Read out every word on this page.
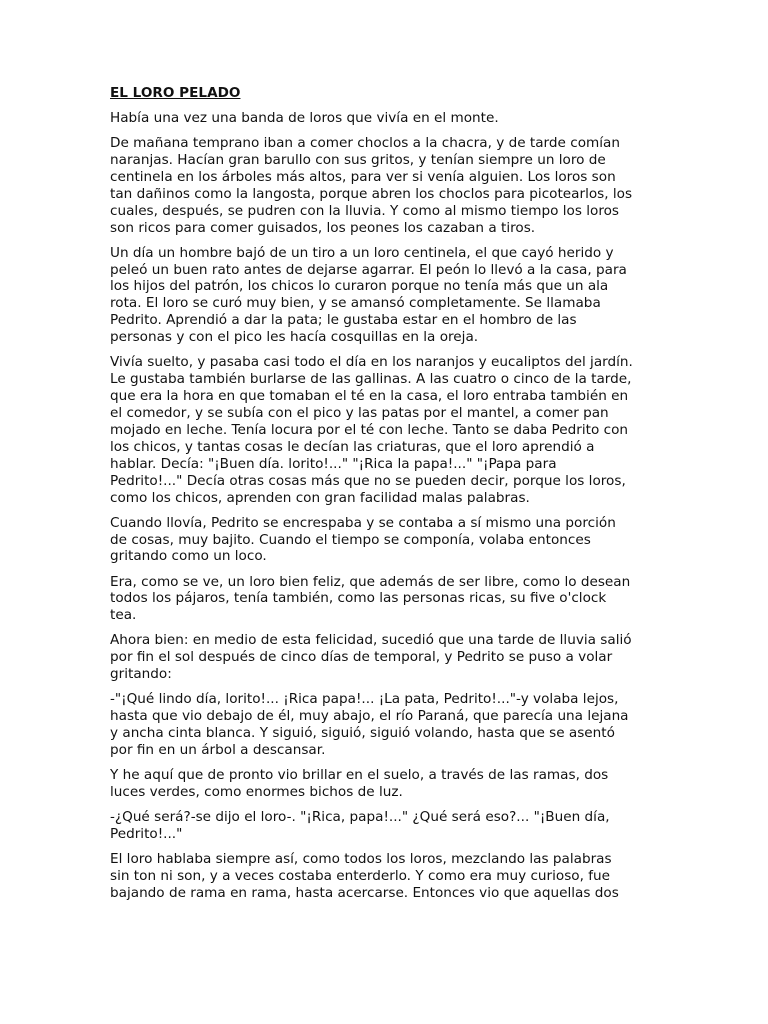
EL LORO PELADO

Había una vez una banda de loros que vivía en el monte.

De mañana temprano iban a comer choclos a la chacra, y de tarde comían
naranjas. Hacían gran barullo con sus gritos, y tenían siempre un loro de
centinela en los árboles más altos, para ver si venía alguien. Los loros son
tan dañinos como la langosta, porque abren los choclos para picotearlos, los
cuales, después, se pudren con la lluvia. Y como al mismo tiempo los loros
son ricos para comer guisados, los peones los cazaban a tiros.

Un día un hombre bajó de un tiro a un loro centinela, el que cayó herido y
peleó un buen rato antes de dejarse agarrar. El peón lo llevó a la casa, para
los hijos del patrón, los chicos lo curaron porque no tenía más que un ala
rota. El loro se curó muy bien, y se amansó completamente. Se llamaba
Pedrito. Aprendió a dar la pata; le gustaba estar en el hombro de las
personas y con el pico les hacía cosquillas en la oreja.

Vivía suelto, y pasaba casi todo el día en los naranjos y eucaliptos del jardín.
Le gustaba también burlarse de las gallinas. A las cuatro o cinco de la tarde,
que era la hora en que tomaban el té en la casa, el loro entraba también en
el comedor, y se subía con el pico y las patas por el mantel, a comer pan
mojado en leche. Tenía locura por el té con leche. Tanto se daba Pedrito con
los chicos, y tantas cosas le decían las criaturas, que el loro aprendió a
hablar. Decía: "¡Buen día. lorito!..." "¡Rica la papa!..." "¡Papa para
Pedrito!..." Decía otras cosas más que no se pueden decir, porque los loros,
como los chicos, aprenden con gran facilidad malas palabras.

Cuando llovía, Pedrito se encrespaba y se contaba a sí mismo una porción
de cosas, muy bajito. Cuando el tiempo se componía, volaba entonces
gritando como un loco.

Era, como se ve, un loro bien feliz, que además de ser libre, como lo desean
todos los pájaros, tenía también, como las personas ricas, su five o'clock
tea.

Ahora bien: en medio de esta felicidad, sucedió que una tarde de lluvia salió
por fin el sol después de cinco días de temporal, y Pedrito se puso a volar
gritando:

-"¡Qué lindo día, lorito!... ¡Rica papa!... ¡La pata, Pedrito!..."-y volaba lejos,
hasta que vio debajo de él, muy abajo, el río Paraná, que parecía una lejana
y ancha cinta blanca. Y siguió, siguió, siguió volando, hasta que se asentó
por fin en un árbol a descansar.

Y he aquí que de pronto vio brillar en el suelo, a través de las ramas, dos
luces verdes, como enormes bichos de luz.

-¿Qué será?-se dijo el loro-. "¡Rica, papa!..." ¿Qué será eso?... "¡Buen día,
Pedrito!..."

El loro hablaba siempre así, como todos los loros, mezclando las palabras
sin ton ni son, y a veces costaba enterderlo. Y como era muy curioso, fue
bajando de rama en rama, hasta acercarse. Entonces vio que aquellas dos
